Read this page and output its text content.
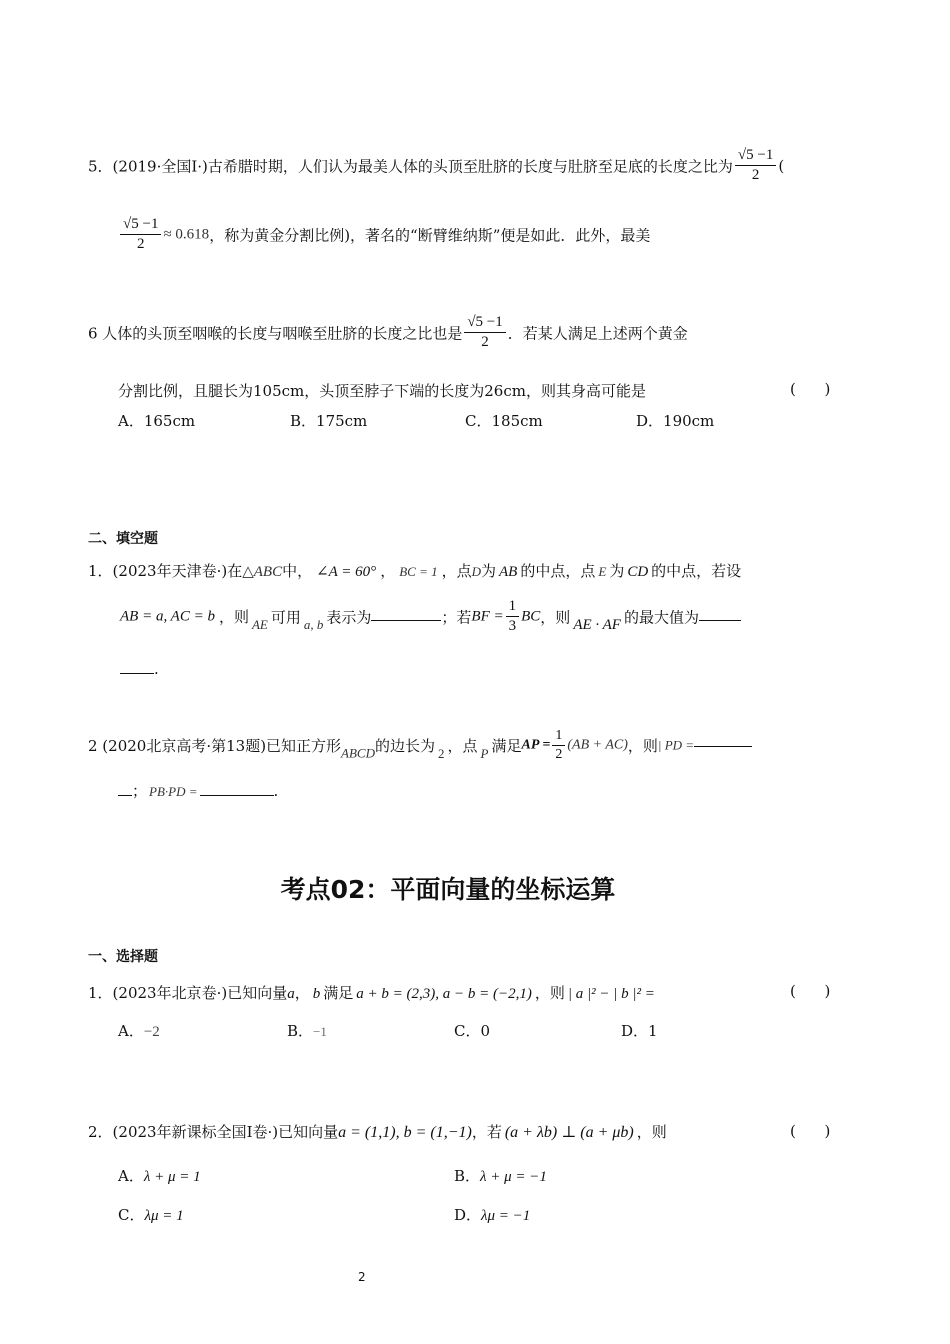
5．(2019·全国Ⅰ·)古希腊时期，人们认为最美人体的头顶至肚脐的长度与肚脐至足底的长度之比为 $\frac{√5 -1}{2}$ (
$\frac{√5 -1}{2} \approx 0.618$，称为黄金分割比例)，著名的“断臂维纳斯”便是如此．此外，最美
6 人体的头顶至咽喉的长度与咽喉至肚脐的长度之比也是 $\frac{√5 -1}{2}$ ．若某人满足上述两个黄金
分割比例，且腿长为105cm，头顶至脖子下端的长度为26cm，则其身高可能是	(      )
A．165cm	B．175cm	C．185cm	D．190cm
二、填空题
1．(2023年天津卷·)在△ABC中， ∠A = 60° ， BC = 1 ，点D为 AB 的中点，点 E 为 CD 的中点，若设
AB = a, AC = b ，则 AE 可用 a, b 表示为	；若BF = $\frac{1}{3}$ BC，则 AE · AF 的最大值为
.
2 (2020北京高考·第13题)已知正方形ABCD的边长为 2 ，点 P 满足AP = $\frac{1}{2} (AB + AC)$，则| PD =
； PB·PD =	.
考点02：平面向量的坐标运算
一、选择题
1．(2023年北京卷·)已知向量a， b 满足 a + b = (2,3), a − b = (−2,1) ，则 | a |² − | b |² =	(      )
A．−2	B．−1	C．0	D．1
2．(2023年新课标全国Ⅰ卷·)已知向量a = (1,1), b = (1,−1)，若 (a + λb) ⊥ (a + μb) ，则	(      )
A．λ + μ = 1	B．λ + μ = −1
C．λμ = 1	D．λμ = −1
2
